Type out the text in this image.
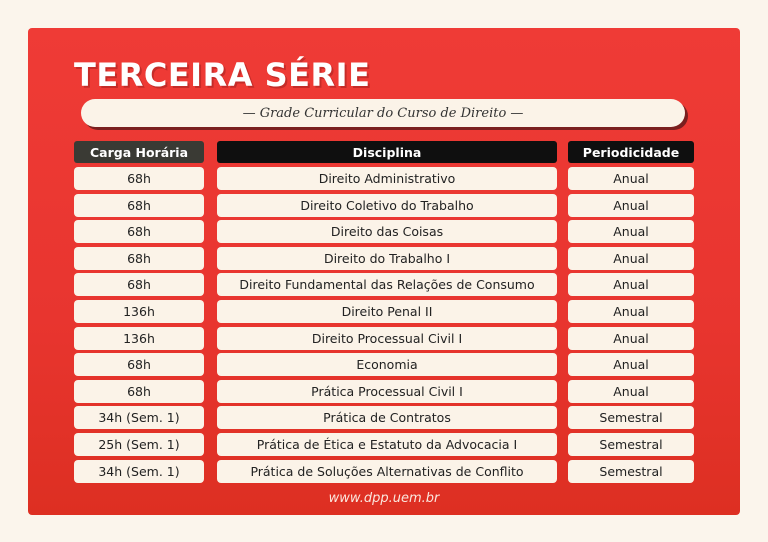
TERCEIRA SÉRIE
— Grade Curricular do Curso de Direito —
Carga Horária	Disciplina	Periodicidade
68h	Direito Administrativo	Anual
68h	Direito Coletivo do Trabalho	Anual
68h	Direito das Coisas	Anual
68h	Direito do Trabalho I	Anual
68h	Direito Fundamental das Relações de Consumo	Anual
136h	Direito Penal II	Anual
136h	Direito Processual Civil I	Anual
68h	Economia	Anual
68h	Prática Processual Civil I	Anual
34h (Sem. 1)	Prática de Contratos	Semestral
25h (Sem. 1)	Prática de Ética e Estatuto da Advocacia I	Semestral
34h (Sem. 1)	Prática de Soluções Alternativas de Conflito	Semestral
www.dpp.uem.br
